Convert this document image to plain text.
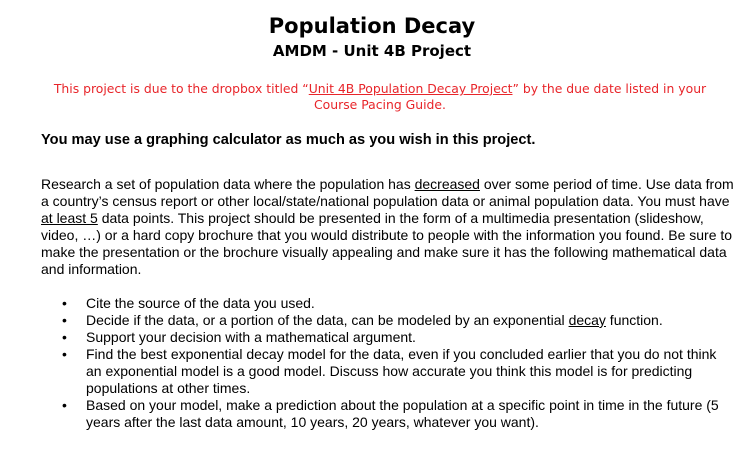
Population Decay
AMDM - Unit 4B Project
This project is due to the dropbox titled “Unit 4B Population Decay Project” by the due date listed in your Course Pacing Guide.
You may use a graphing calculator as much as you wish in this project.

Research a set of population data where the population has decreased over some period of time. Use data from a country’s census report or other local/state/national population data or animal population data. You must have at least 5 data points. This project should be presented in the form of a multimedia presentation (slideshow, video, …) or a hard copy brochure that you would distribute to people with the information you found. Be sure to make the presentation or the brochure visually appealing and make sure it has the following mathematical data and information.

• Cite the source of the data you used.
• Decide if the data, or a portion of the data, can be modeled by an exponential decay function.
• Support your decision with a mathematical argument.
• Find the best exponential decay model for the data, even if you concluded earlier that you do not think an exponential model is a good model. Discuss how accurate you think this model is for predicting populations at other times.
• Based on your model, make a prediction about the population at a specific point in time in the future (5 years after the last data amount, 10 years, 20 years, whatever you want).
